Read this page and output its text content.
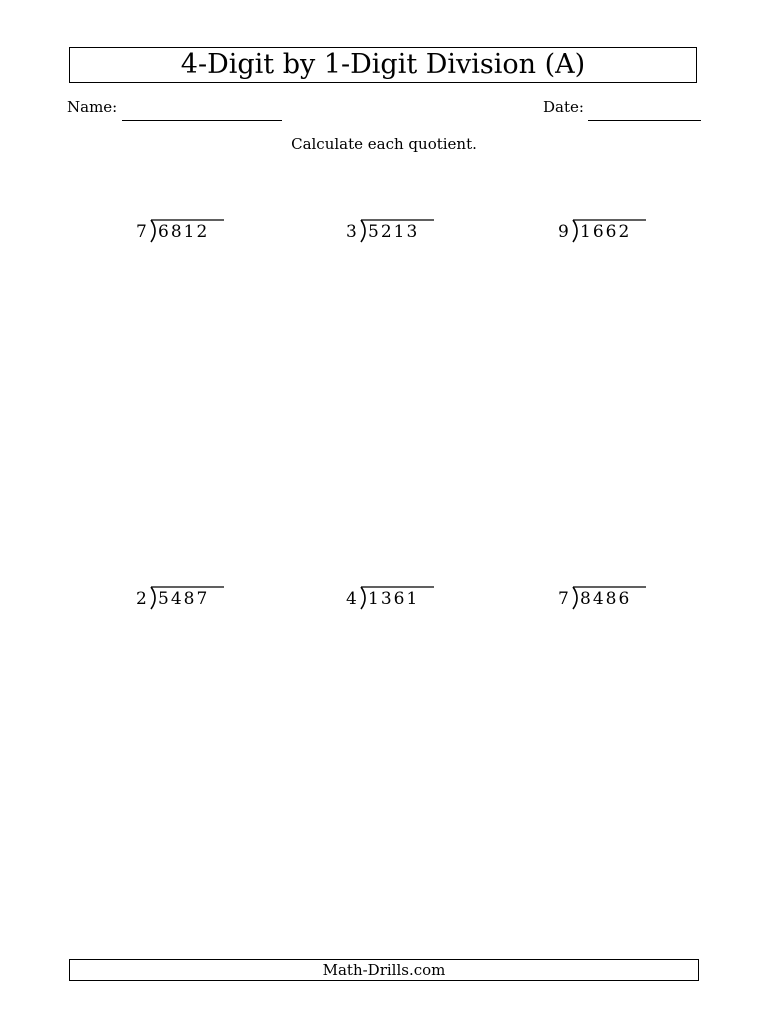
4-Digit by 1-Digit Division (A)
Name:	Date:
Calculate each quotient.
7 6812	3 5213	9 1662
2 5487	4 1361	7 8486
Math-Drills.com
